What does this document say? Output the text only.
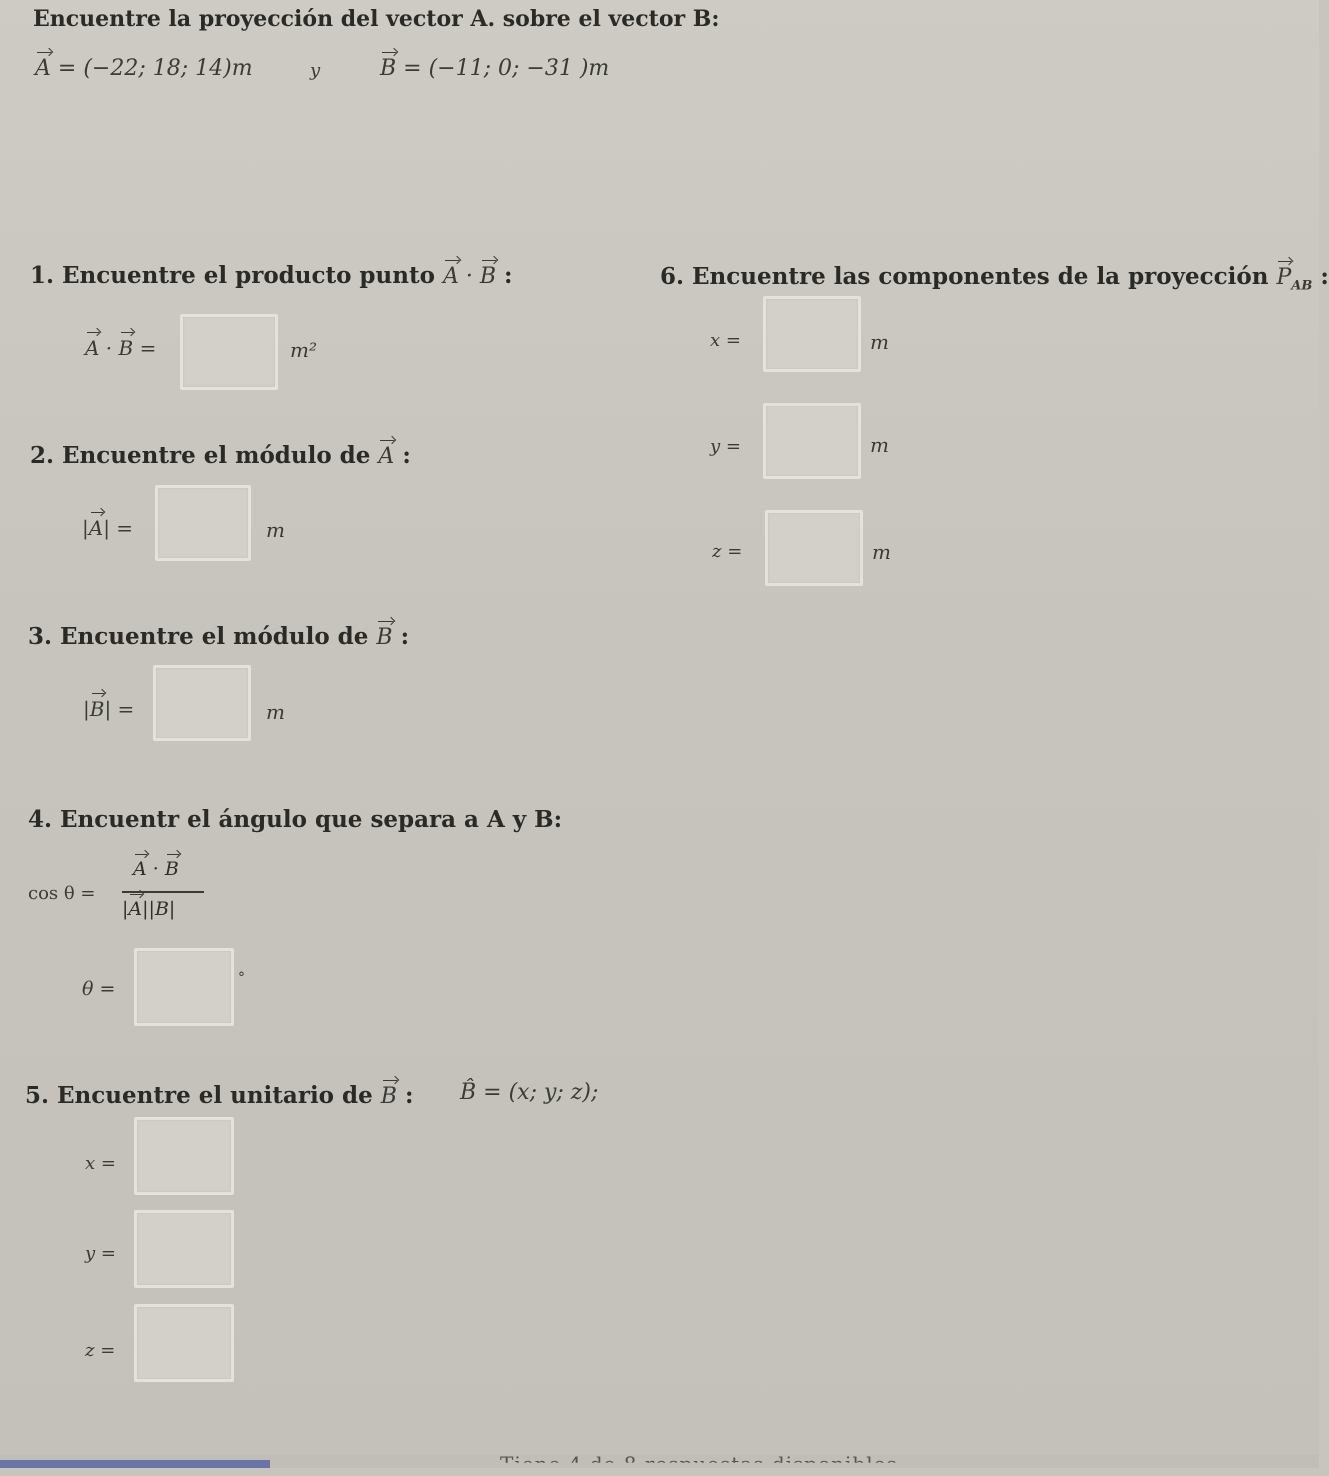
Encuentre la proyección del vector A. sobre el vector B:
A = (−22; 18; 14)m	y	B = (−11; 0; −31 )m
1. Encuentre el producto punto A · B :
A · B =	m²
2. Encuentre el módulo de A :
|A| =	m
3. Encuentre el módulo de B :
|B| =	m
4. Encuentr el ángulo que separa a A y B:
cos θ =
A · B
|A||B|
θ =	°
5. Encuentre el unitario de B : B̂ = (x; y; z);
x =
y =
z =
6. Encuentre las componentes de la proyección $P_{AB}$ :
x =	m
y =	m
z =	m
